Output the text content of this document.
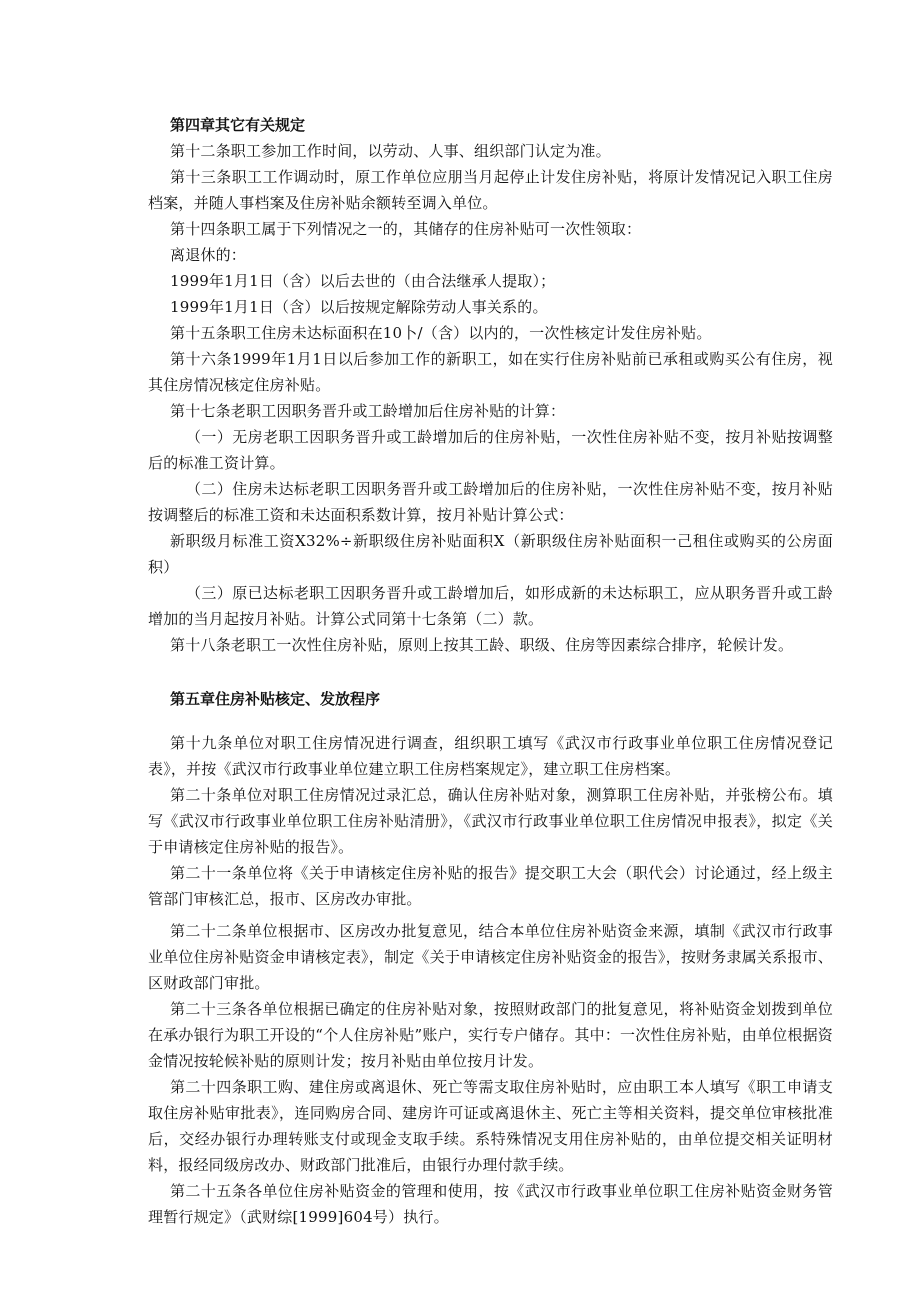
第四章其它有关规定

第十二条职工参加工作时间，以劳动、人事、组织部门认定为准。

第十三条职工工作调动时，原工作单位应朋当月起停止计发住房补贴，将原计发情况记入职工住房档案，并随人事档案及住房补贴余额转至调入单位。

第十四条职工属于下列情况之一的，其储存的住房补贴可一次性领取：

离退休的：

1999年1月1日（含）以后去世的（由合法继承人提取）；

1999年1月1日（含）以后按规定解除劳动人事关系的。

第十五条职工住房未达标面积在10卜/（含）以内的，一次性核定计发住房补贴。

第十六条1999年1月1日以后参加工作的新职工，如在实行住房补贴前已承租或购买公有住房，视其住房情况核定住房补贴。

第十七条老职工因职务晋升或工龄增加后住房补贴的计算：

（一）无房老职工因职务晋升或工龄增加后的住房补贴，一次性住房补贴不变，按月补贴按调整后的标准工资计算。

（二）住房未达标老职工因职务晋升或工龄增加后的住房补贴，一次性住房补贴不变，按月补贴按调整后的标准工资和未达面积系数计算，按月补贴计算公式：

新职级月标准工资X32%÷新职级住房补贴面积X（新职级住房补贴面积一己租住或购买的公房面积）

（三）原已达标老职工因职务晋升或工龄增加后，如形成新的未达标职工，应从职务晋升或工龄增加的当月起按月补贴。计算公式同第十七条第（二）款。

第十八条老职工一次性住房补贴，原则上按其工龄、职级、住房等因素综合排序，轮候计发。

第五章住房补贴核定、发放程序

第十九条单位对职工住房情况进行调查，组织职工填写《武汉市行政事业单位职工住房情况登记表》，并按《武汉市行政事业单位建立职工住房档案规定》，建立职工住房档案。

第二十条单位对职工住房情况过录汇总，确认住房补贴对象，测算职工住房补贴，并张榜公布。填写《武汉市行政事业单位职工住房补贴清册》，《武汉市行政事业单位职工住房情况申报表》，拟定《关于申请核定住房补贴的报告》。

第二十一条单位将《关于申请核定住房补贴的报告》提交职工大会（职代会）讨论通过，经上级主管部门审核汇总，报市、区房改办审批。

第二十二条单位根据市、区房改办批复意见，结合本单位住房补贴资金来源，填制《武汉市行政事业单位住房补贴资金申请核定表》，制定《关于申请核定住房补贴资金的报告》，按财务隶属关系报市、区财政部门审批。

第二十三条各单位根据已确定的住房补贴对象，按照财政部门的批复意见，将补贴资金划拨到单位在承办银行为职工开设的“个人住房补贴”账户，实行专户储存。其中：一次性住房补贴，由单位根据资金情况按轮候补贴的原则计发；按月补贴由单位按月计发。

第二十四条职工购、建住房或离退休、死亡等需支取住房补贴时，应由职工本人填写《职工申请支取住房补贴审批表》，连同购房合同、建房许可证或离退休主、死亡主等相关资料，提交单位审核批准后，交经办银行办理转账支付或现金支取手续。系特殊情况支用住房补贴的，由单位提交相关证明材料，报经同级房改办、财政部门批准后，由银行办理付款手续。

第二十五条各单位住房补贴资金的管理和使用，按《武汉市行政事业单位职工住房补贴资金财务管理暂行规定》（武财综[1999]604号）执行。
